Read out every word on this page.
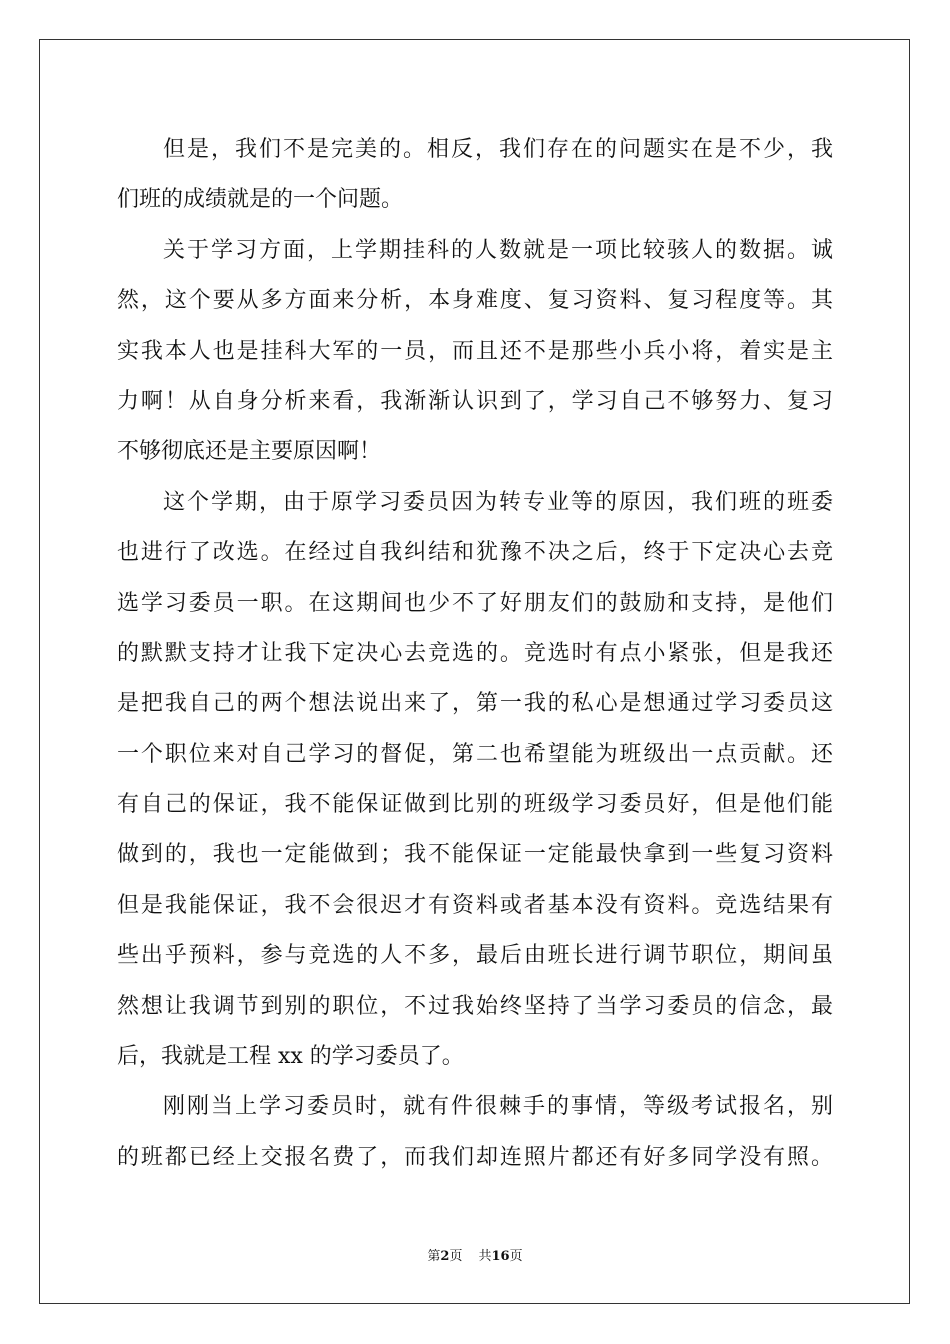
但是，我们不是完美的。相反，我们存在的问题实在是不少，我
们班的成绩就是的一个问题。
关于学习方面，上学期挂科的人数就是一项比较骇人的数据。诚
然，这个要从多方面来分析，本身难度、复习资料、复习程度等。其
实我本人也是挂科大军的一员，而且还不是那些小兵小将，着实是主
力啊！从自身分析来看，我渐渐认识到了，学习自己不够努力、复习
不够彻底还是主要原因啊！
这个学期，由于原学习委员因为转专业等的原因，我们班的班委
也进行了改选。在经过自我纠结和犹豫不决之后，终于下定决心去竞
选学习委员一职。在这期间也少不了好朋友们的鼓励和支持，是他们
的默默支持才让我下定决心去竞选的。竞选时有点小紧张，但是我还
是把我自己的两个想法说出来了，第一我的私心是想通过学习委员这
一个职位来对自己学习的督促，第二也希望能为班级出一点贡献。还
有自己的保证，我不能保证做到比别的班级学习委员好，但是他们能
做到的，我也一定能做到；我不能保证一定能最快拿到一些复习资料
但是我能保证，我不会很迟才有资料或者基本没有资料。竞选结果有
些出乎预料，参与竞选的人不多，最后由班长进行调节职位，期间虽
然想让我调节到别的职位，不过我始终坚持了当学习委员的信念，最
后，我就是工程 xx 的学习委员了。
刚刚当上学习委员时，就有件很棘手的事情，等级考试报名，别
的班都已经上交报名费了，而我们却连照片都还有好多同学没有照。
第2页 共16页
